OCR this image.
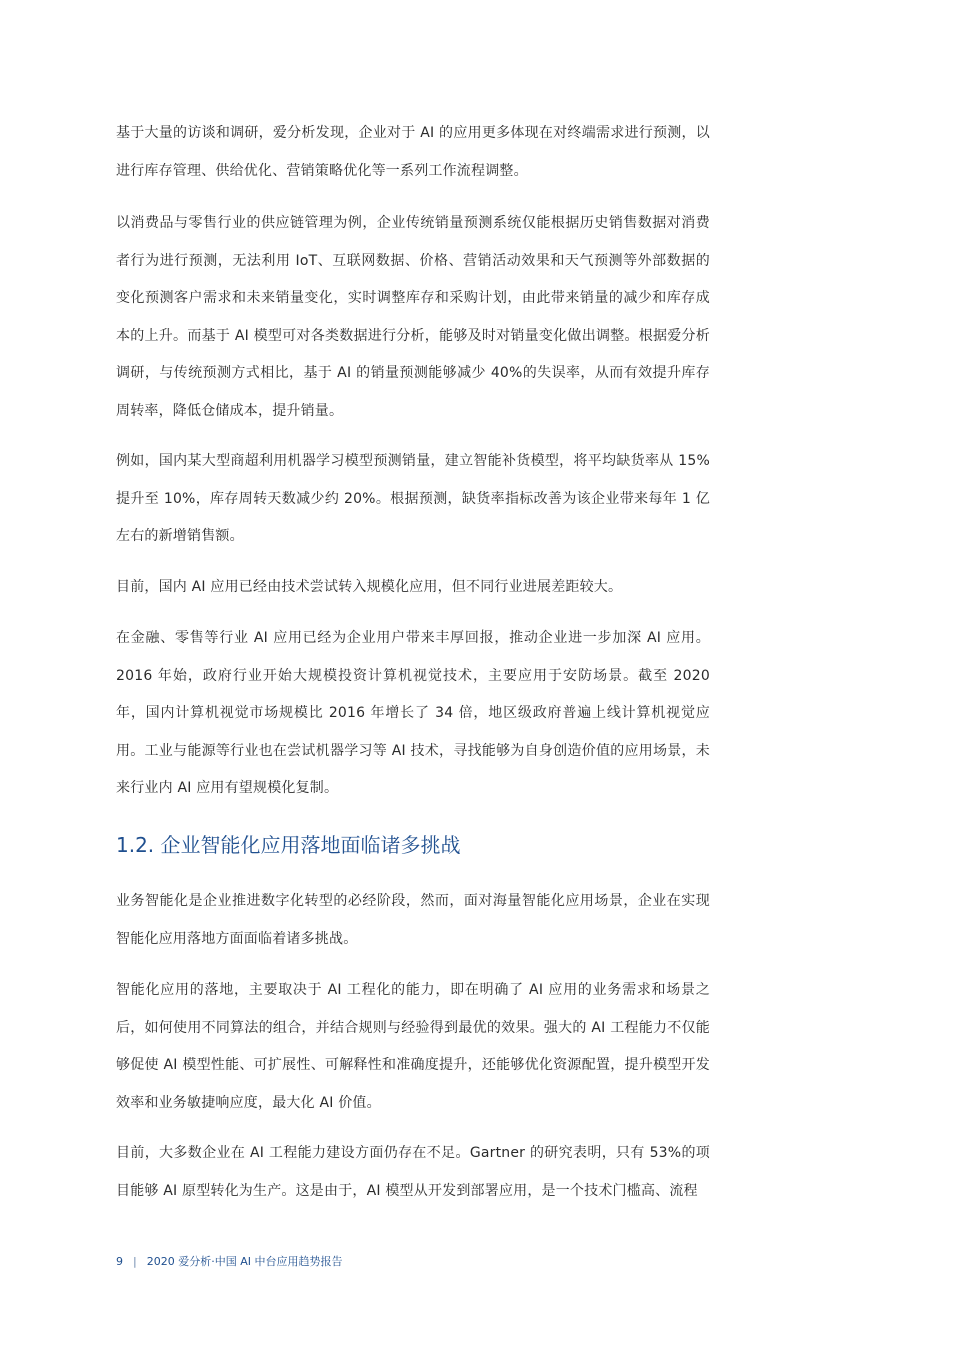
基于大量的访谈和调研，爱分析发现，企业对于 AI 的应用更多体现在对终端需求进行预测，以进行库存管理、供给优化、营销策略优化等一系列工作流程调整。

以消费品与零售行业的供应链管理为例，企业传统销量预测系统仅能根据历史销售数据对消费者行为进行预测，无法利用 IoT、互联网数据、价格、营销活动效果和天气预测等外部数据的变化预测客户需求和未来销量变化，实时调整库存和采购计划，由此带来销量的减少和库存成本的上升。而基于 AI 模型可对各类数据进行分析，能够及时对销量变化做出调整。根据爱分析调研，与传统预测方式相比，基于 AI 的销量预测能够减少 40%的失误率，从而有效提升库存周转率，降低仓储成本，提升销量。

例如，国内某大型商超利用机器学习模型预测销量，建立智能补货模型，将平均缺货率从 15%提升至 10%，库存周转天数减少约 20%。根据预测，缺货率指标改善为该企业带来每年 1 亿左右的新增销售额。

目前，国内 AI 应用已经由技术尝试转入规模化应用，但不同行业进展差距较大。

在金融、零售等行业 AI 应用已经为企业用户带来丰厚回报，推动企业进一步加深 AI 应用。2016 年始，政府行业开始大规模投资计算机视觉技术，主要应用于安防场景。截至 2020 年，国内计算机视觉市场规模比 2016 年增长了 34 倍，地区级政府普遍上线计算机视觉应用。工业与能源等行业也在尝试机器学习等 AI 技术，寻找能够为自身创造价值的应用场景，未来行业内 AI 应用有望规模化复制。

1.2. 企业智能化应用落地面临诸多挑战

业务智能化是企业推进数字化转型的必经阶段，然而，面对海量智能化应用场景，企业在实现智能化应用落地方面面临着诸多挑战。

智能化应用的落地，主要取决于 AI 工程化的能力，即在明确了 AI 应用的业务需求和场景之后，如何使用不同算法的组合，并结合规则与经验得到最优的效果。强大的 AI 工程能力不仅能够促使 AI 模型性能、可扩展性、可解释性和准确度提升，还能够优化资源配置，提升模型开发效率和业务敏捷响应度，最大化 AI 价值。

目前，大多数企业在 AI 工程能力建设方面仍存在不足。Gartner 的研究表明，只有 53%的项目能够 AI 原型转化为生产。这是由于，AI 模型从开发到部署应用，是一个技术门槛高、流程

9 | 2020 爱分析·中国 AI 中台应用趋势报告
